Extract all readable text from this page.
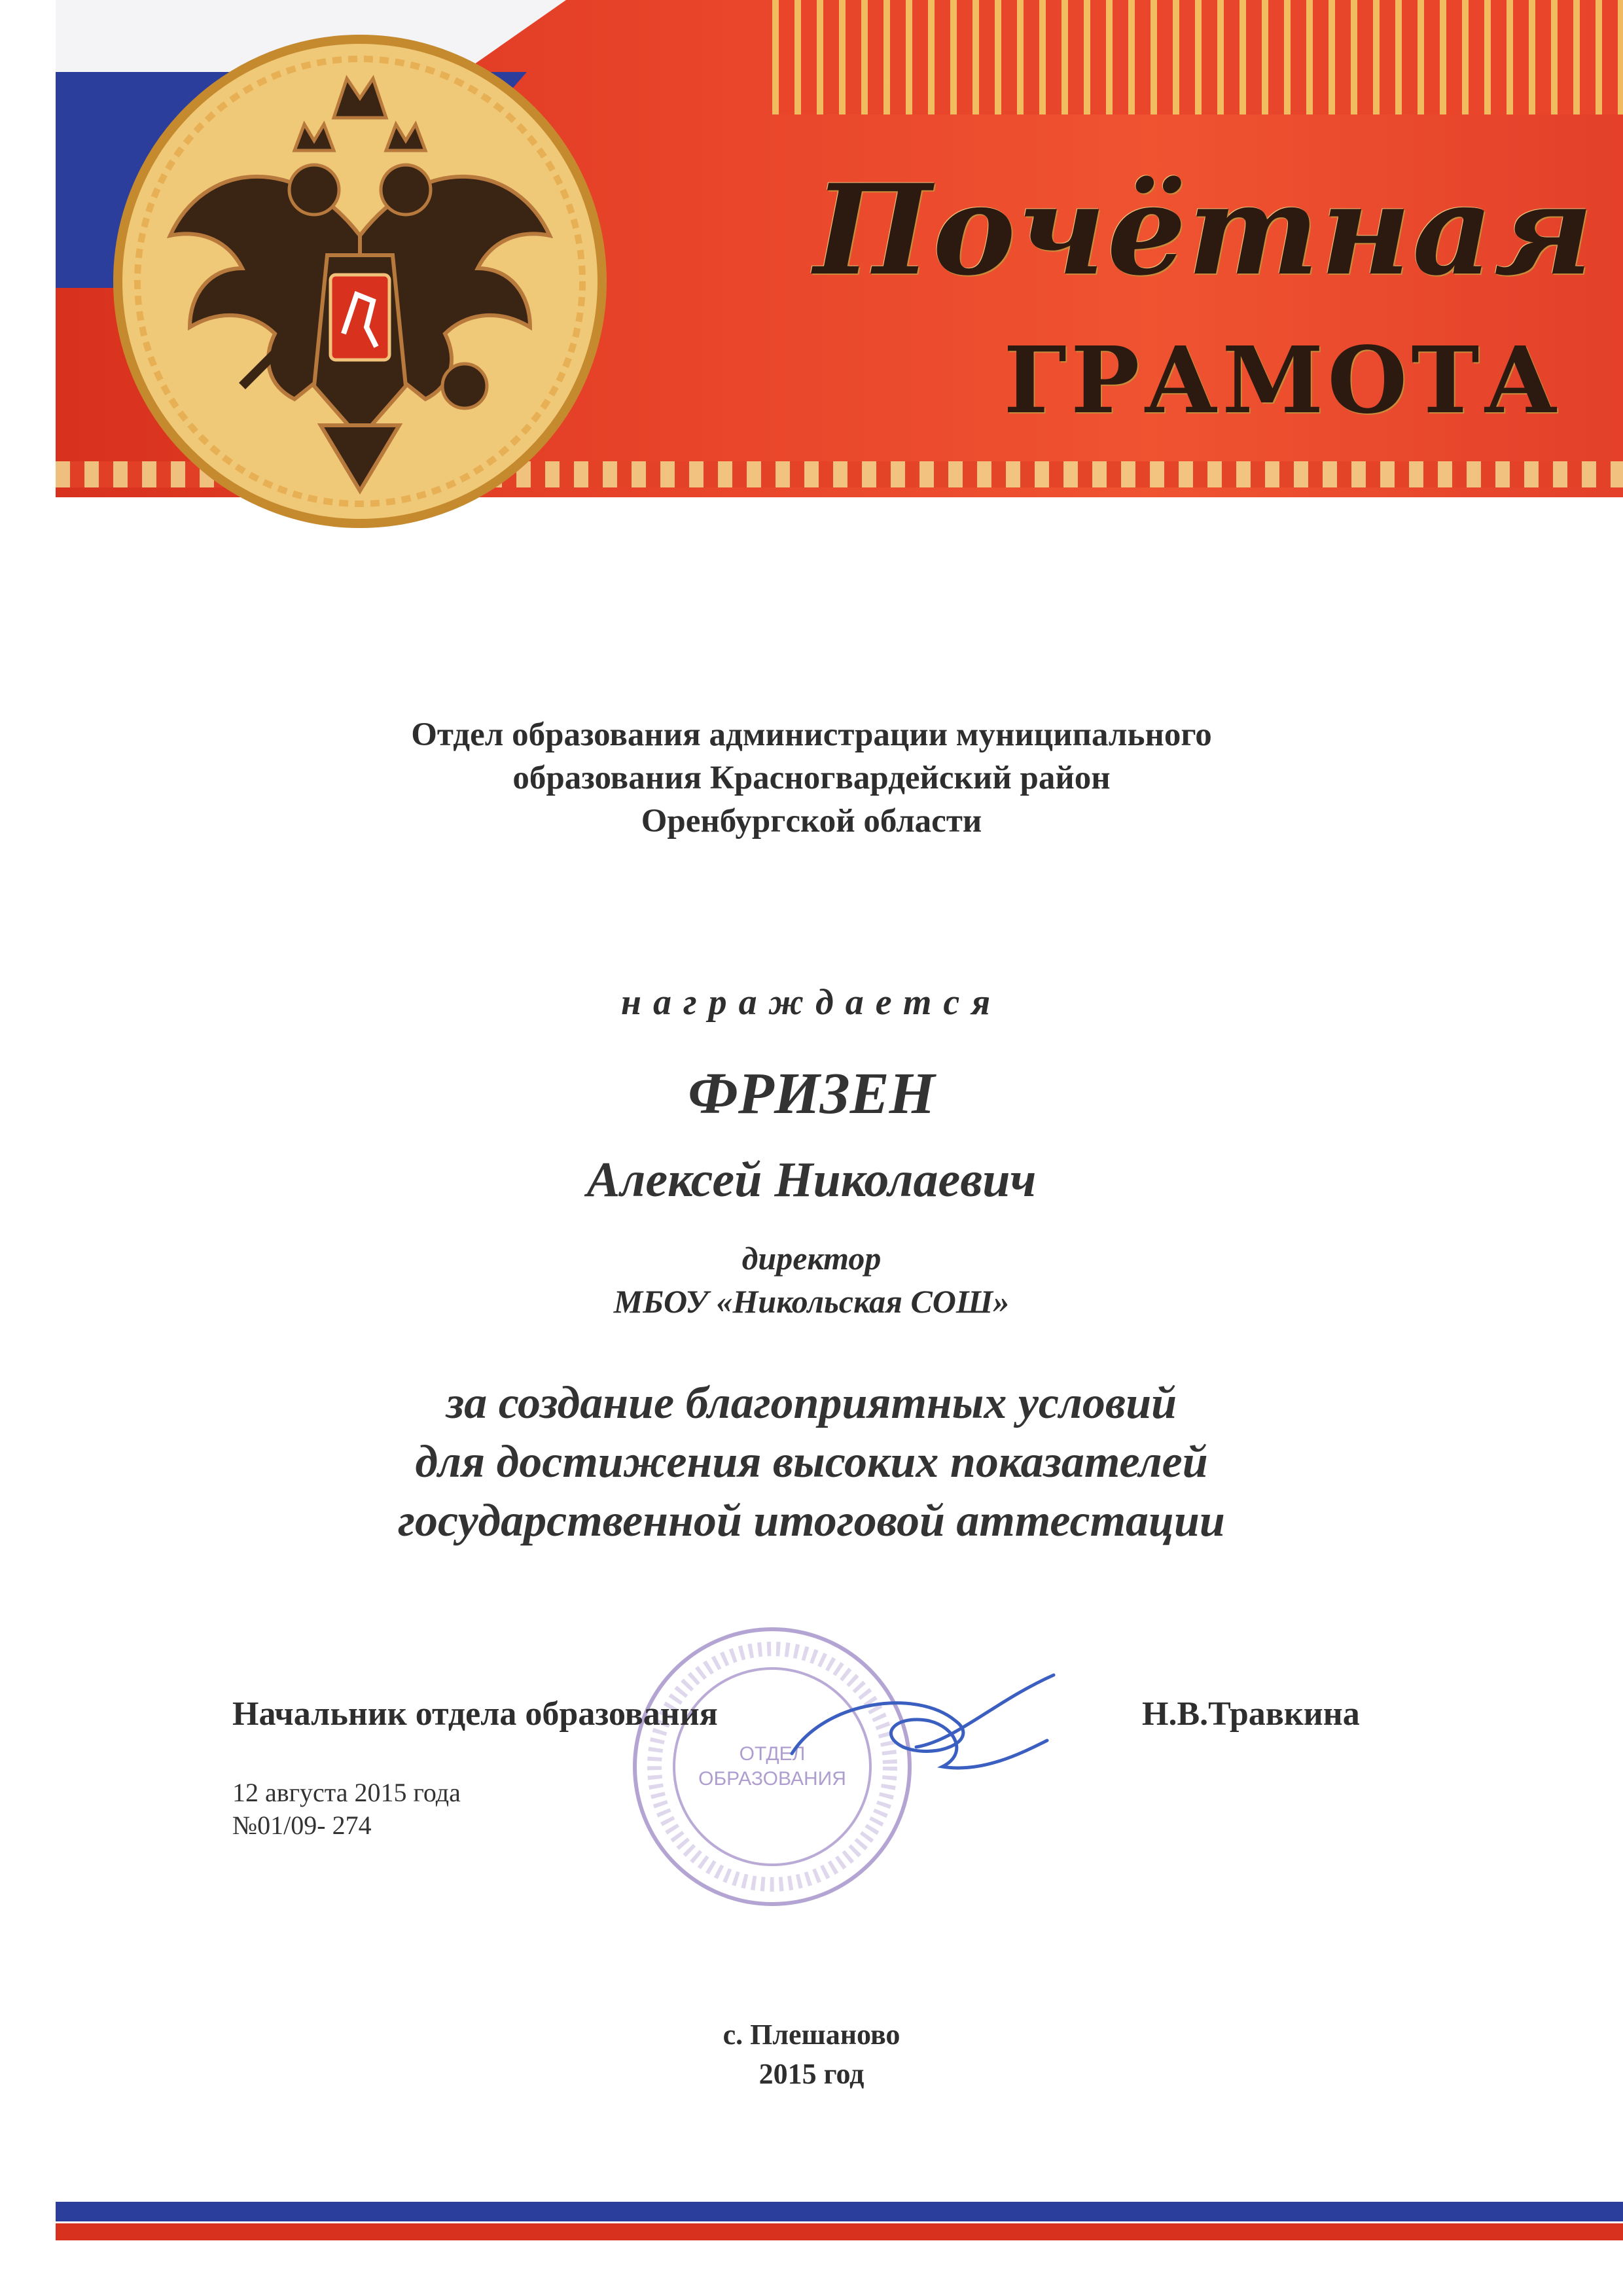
Почётная
ГРАМОТА
Отдел образования администрации муниципального
образования Красногвардейский район
Оренбургской области
награждается
ФРИЗЕН
Алексей Николаевич
директор
МБОУ «Никольская СОШ»
за создание благоприятных условий
для достижения высоких показателей
государственной итоговой аттестации
ОТДЕЛ
ОБРАЗОВАНИЯ
Начальник отдела образования	Н.В.Травкина
12 августа 2015 года
№01/09- 274
с. Плешаново
2015 год
